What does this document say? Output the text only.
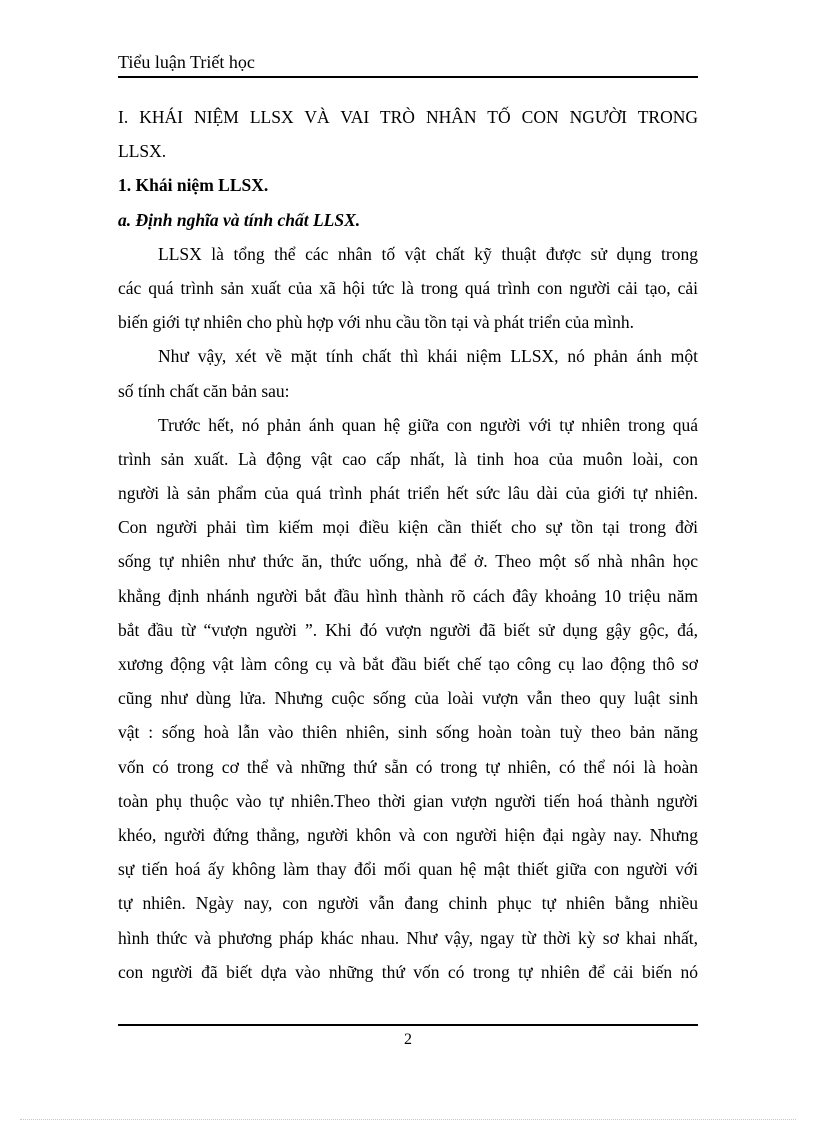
Tiểu luận Triết học
I. KHÁI NIỆM LLSX VÀ VAI TRÒ NHÂN TỐ CON NGƯỜI TRONG
LLSX.
1. Khái niệm LLSX.
a. Định nghĩa và tính chất LLSX.
LLSX là tổng thể các nhân tố vật chất kỹ thuật được sử dụng trong
các quá trình sản xuất của xã hội tức là trong quá trình con người cải tạo, cải
biến giới tự nhiên cho phù hợp với nhu cầu tồn tại và phát triển của mình.
Như vậy, xét về mặt tính chất thì khái niệm LLSX, nó phản ánh một
số tính chất căn bản sau:
Trước hết, nó phản ánh quan hệ giữa con người với tự nhiên trong quá
trình sản xuất. Là động vật cao cấp nhất, là tinh hoa của muôn loài, con
người là sản phẩm của quá trình phát triển hết sức lâu dài của giới tự nhiên.
Con người phải tìm kiếm mọi điều kiện cần thiết cho sự tồn tại trong đời
sống tự nhiên như thức ăn, thức uống, nhà để ở. Theo một số nhà nhân học
khẳng định nhánh người bắt đầu hình thành rõ cách đây khoảng 10 triệu năm
bắt đầu từ “vượn người ”. Khi đó vượn người đã biết sử dụng gậy gộc, đá,
xương động vật làm công cụ và bắt đầu biết chế tạo công cụ lao động thô sơ
cũng như dùng lửa. Nhưng cuộc sống của loài vượn vẫn theo quy luật sinh
vật : sống hoà lẫn vào thiên nhiên, sinh sống hoàn toàn tuỳ theo bản năng
vốn có trong cơ thể và những thứ sẵn có trong tự nhiên, có thể nói là hoàn
toàn phụ thuộc vào tự nhiên.Theo thời gian vượn người tiến hoá thành người
khéo, người đứng thẳng, người khôn và con người hiện đại ngày nay. Nhưng
sự tiến hoá ấy không làm thay đổi mối quan hệ mật thiết giữa con người với
tự nhiên. Ngày nay, con người vẫn đang chinh phục tự nhiên bằng nhiều
hình thức và phương pháp khác nhau. Như vậy, ngay từ thời kỳ sơ khai nhất,
con người đã biết dựa vào những thứ vốn có trong tự nhiên để cải biến nó
2
